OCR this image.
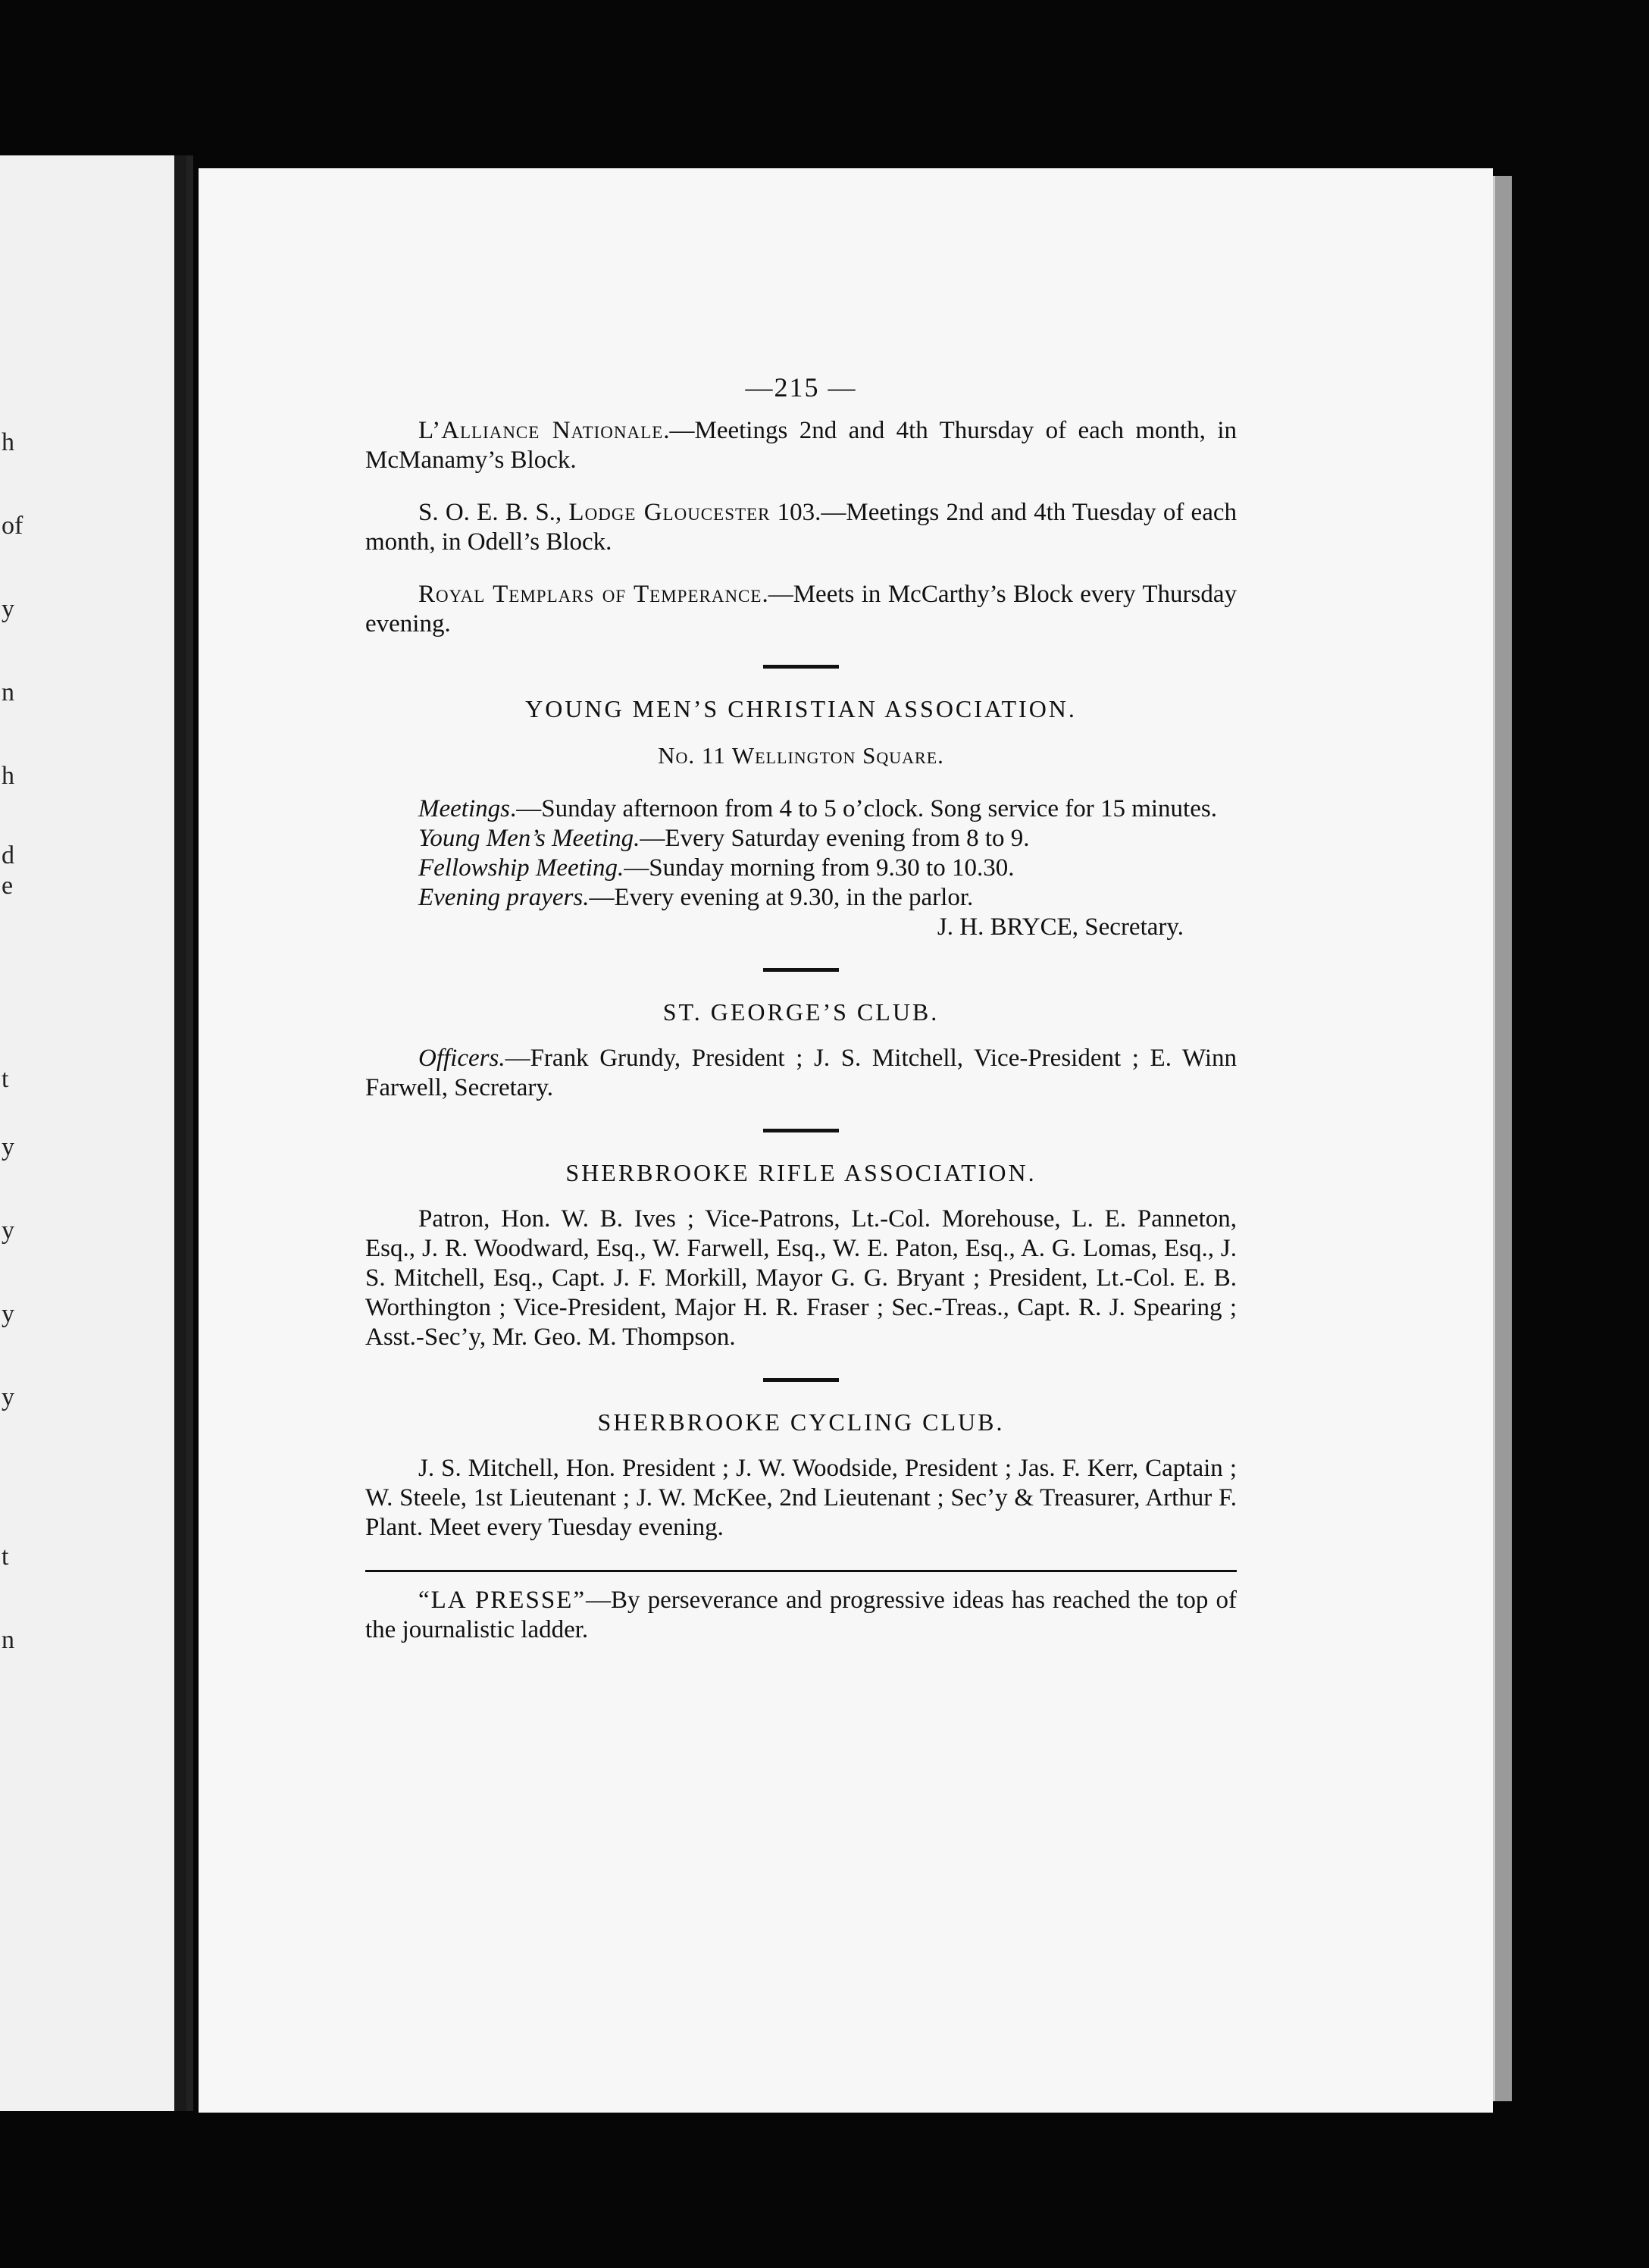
h
of
y
n
h
d
e
t
y
y
y
y
t
n
—215 —

L’Alliance Nationale.—Meetings 2nd and 4th Thursday of each month, in McManamy’s Block.

S. O. E. B. S., Lodge Gloucester 103.—Meetings 2nd and 4th Tuesday of each month, in Odell’s Block.

Royal Templars of Temperance.—Meets in McCarthy’s Block every Thursday evening.

YOUNG MEN’S CHRISTIAN ASSOCIATION.
No. 11 Wellington Square.

Meetings.—Sunday afternoon from 4 to 5 o’clock. Song service for 15 minutes.

Young Men’s Meeting.—Every Saturday evening from 8 to 9.
Fellowship Meeting.—Sunday morning from 9.30 to 10.30.
Evening prayers.—Every evening at 9.30, in the parlor.
J. H. BRYCE, Secretary.
ST. GEORGE’S CLUB.

Officers.—Frank Grundy, President ; J. S. Mitchell, Vice-President ; E. Winn Farwell, Secretary.

SHERBROOKE RIFLE ASSOCIATION.

Patron, Hon. W. B. Ives ; Vice-Patrons, Lt.-Col. Morehouse, L. E. Panneton, Esq., J. R. Woodward, Esq., W. Farwell, Esq., W. E. Paton, Esq., A. G. Lomas, Esq., J. S. Mitchell, Esq., Capt. J. F. Morkill, Mayor G. G. Bryant ; President, Lt.-Col. E. B. Worthington ; Vice-President, Major H. R. Fraser ; Sec.-Treas., Capt. R. J. Spearing ; Asst.-Sec’y, Mr. Geo. M. Thompson.

SHERBROOKE CYCLING CLUB.

J. S. Mitchell, Hon. President ; J. W. Woodside, President ; Jas. F. Kerr, Captain ; W. Steele, 1st Lieutenant ; J. W. McKee, 2nd Lieutenant ; Sec’y & Treasurer, Arthur F. Plant. Meet every Tuesday evening.

“LA PRESSE”—By perseverance and progressive ideas has reached the top of the journalistic ladder.
